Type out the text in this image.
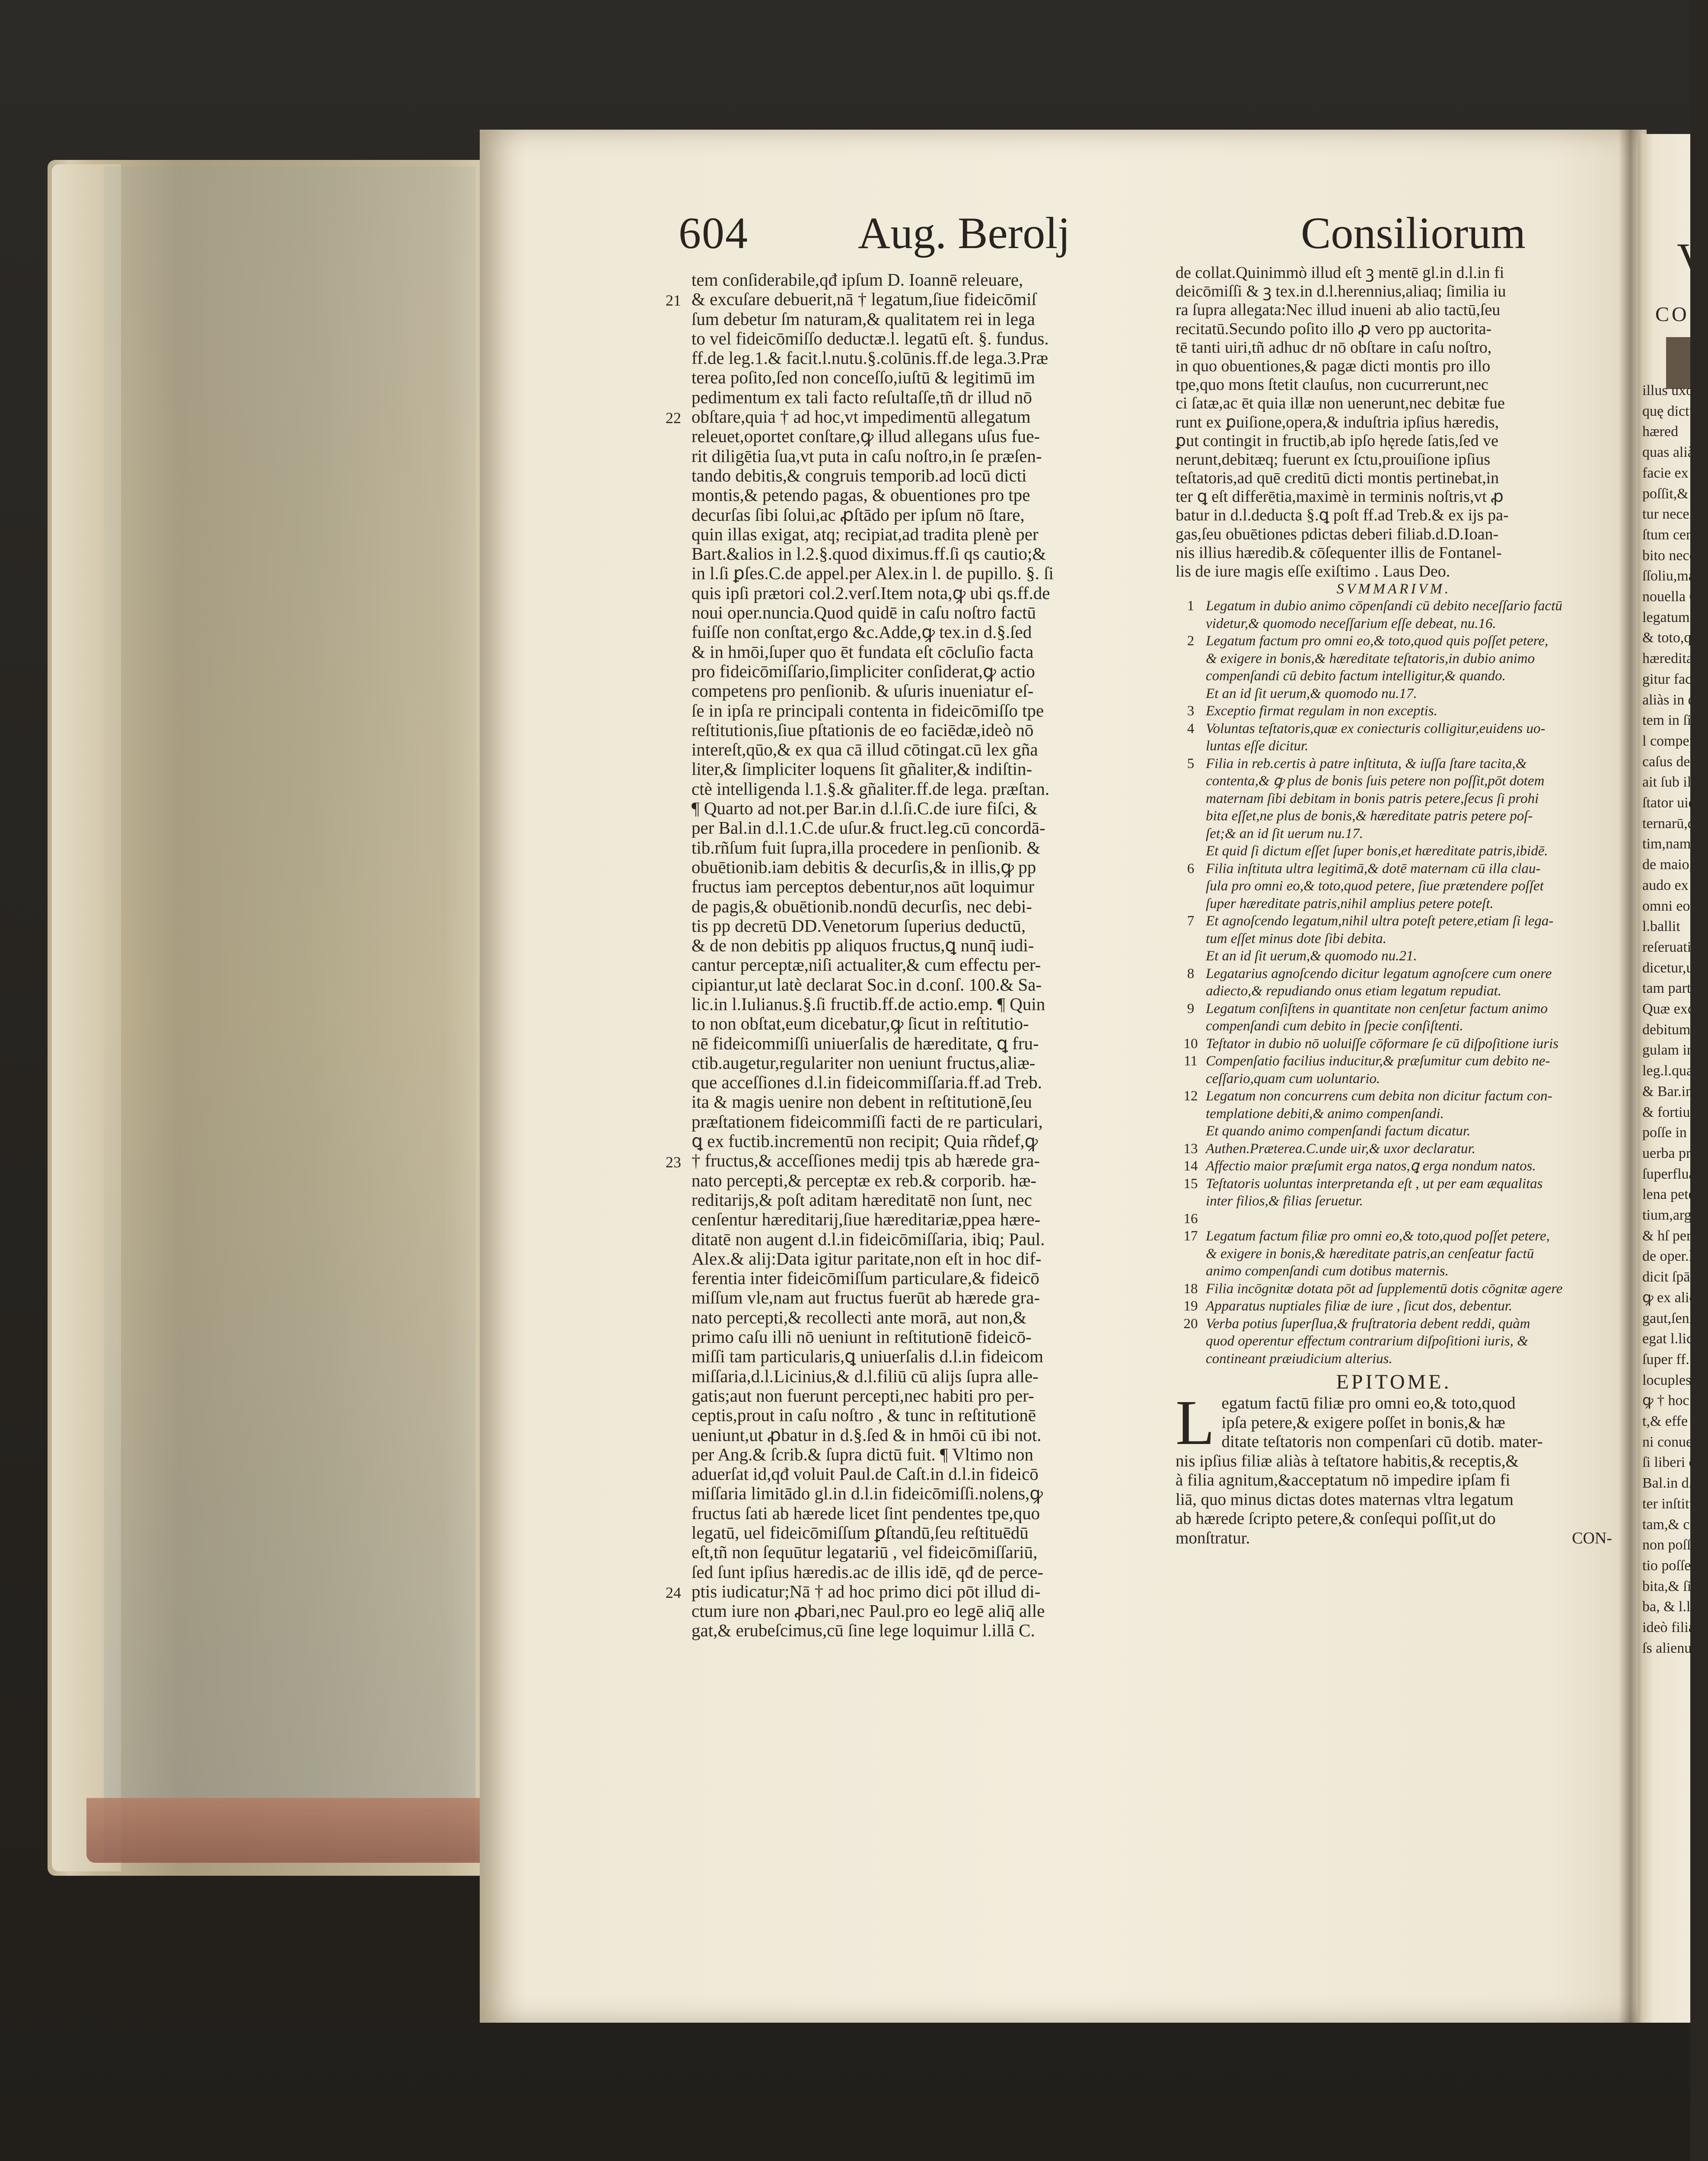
604 Aug. Berolj	Consiliorum
tem conſiderabile,qđ ipſum D. Ioannē releuare,
& excuſare debuerit,nā † legatum,ſiue fideicōmiſ
ſum debetur ſm naturam,& qualitatem rei in lega
to vel fideicōmiſſo deductæ.l. legatū eſt. §. fundus.
ff.de leg.1.& facit.l.nutu.§.colūnis.ff.de lega.3.Præ
terea poſito,ſed non conceſſo,iuſtū & legitimū im
pedimentum ex tali facto reſultaſſe,tñ dr illud nō
obſtare,quia † ad hoc,vt impedimentū allegatum
releuet,oportet conſtare,ꝙ illud allegans uſus fue-
rit diligētia ſua,vt puta in caſu noſtro,in ſe præſen-
tando debitis,& congruis temporib.ad locū dicti
montis,& petendo pagas, & obuentiones pro tpe
decurſas ſibi ſolui,ac ꝓſtādo per ipſum nō ſtare,
quin illas exigat, atq; recipiat,ad tradita plenè per
Bart.&alios in l.2.§.quod diximus.ff.ſi qs cautio;&
in l.ſi ꝑſes.C.de appel.per Alex.in l. de pupillo. §. ſi
quis ipſi prætori col.2.verſ.Item nota,ꝙ ubi qs.ff.de
noui oper.nuncia.Quod quidē in caſu noſtro factū
fuiſſe non conſtat,ergo &c.Adde,ꝙ tex.in d.§.ſed
& in hmōi,ſuper quo ēt fundata eſt cōcluſio facta
pro fideicōmiſſario,ſimpliciter conſiderat,ꝙ actio
competens pro penſionib. & uſuris inueniatur eſ-
ſe in ipſa re principali contenta in fideicōmiſſo tpe
reſtitutionis,ſiue pſtationis de eo faciēdæ,ideò nō
intereſt,qūo,& ex qua cā illud cōtingat.cū lex gña
liter,& ſimpliciter loquens ſit gñaliter,& indiſtin-
ctè intelligenda l.1.§.& gñaliter.ff.de lega. præſtan.
¶ Quarto ad not.per Bar.in d.l.ſi.C.de iure fiſci, &
per Bal.in d.l.1.C.de uſur.& fruct.leg.cū concordā-
tib.rñſum fuit ſupra,illa procedere in penſionib. &
obuētionib.iam debitis & decurſis,& in illis,ꝙ pp
fructus iam perceptos debentur,nos aūt loquimur
de pagis,& obuētionib.nondū decurſis, nec debi-
tis pp decretū DD.Venetorum ſuperius deductū,
& de non debitis pp aliquos fructus,ꝗ nunq̄ iudi-
cantur perceptæ,niſi actualiter,& cum effectu per-
cipiantur,ut latè declarat Soc.in d.conſ. 100.& Sa-
lic.in l.Iulianus.§.ſi fructib.ff.de actio.emp. ¶ Quin
to non obſtat,eum dicebatur,ꝙ ſicut in reſtitutio-
nē fideicommiſſi uniuerſalis de hæreditate, ꝗ fru-
ctib.augetur,regulariter non ueniunt fructus,aliæ-
que acceſſiones d.l.in fideicommiſſaria.ff.ad Treb.
ita & magis uenire non debent in reſtitutionē,ſeu
præſtationem fideicommiſſi facti de re particulari,
ꝗ ex fuctib.incrementū non recipit; Quia rñdef,ꝙ
† fructus,& acceſſiones medij tpis ab hærede gra-
nato percepti,& perceptæ ex reb.& corporib. hæ-
reditarijs,& poſt aditam hæreditatē non ſunt, nec
cenſentur hæreditarij,ſiue hæreditariæ,ppea hære-
ditatē non augent d.l.in fideicōmiſſaria, ibiq; Paul.
Alex.& alij:Data igitur paritate,non eſt in hoc dif-
ferentia inter fideicōmiſſum particulare,& fideicō
miſſum vle,nam aut fructus fuerūt ab hærede gra-
nato percepti,& recollecti ante morā, aut non,&
primo caſu illi nō ueniunt in reſtitutionē fideicō-
miſſi tam particularis,ꝗ uniuerſalis d.l.in fideicom
miſſaria,d.l.Licinius,& d.l.filiū cū alijs ſupra alle-
gatis;aut non fuerunt percepti,nec habiti pro per-
ceptis,prout in caſu noſtro , & tunc in reſtitutionē
ueniunt,ut ꝓbatur in d.§.ſed & in hmōi cū ibi not.
per Ang.& ſcrib.& ſupra dictū fuit. ¶ Vltimo non
aduerſat id,qđ voluit Paul.de Caſt.in d.l.in fideicō
miſſaria limitādo gl.in d.l.in fideicōmiſſi.nolens,ꝙ
fructus ſati ab hærede licet ſint pendentes tpe,quo
legatū, uel fideicōmiſſum ꝑſtandū,ſeu reſtituēdū
eſt,tñ non ſequūtur legatariū , vel fideicōmiſſariū,
ſed ſunt ipſius hæredis.ac de illis idē, qđ de perce-
ptis iudicatur;Nā † ad hoc primo dici pōt illud di-
ctum iure non ꝓbari,nec Paul.pro eo legē aliq̄ alle
gat,& erubeſcimus,cū ſine lege loquimur l.illā C.
21
22
23
24
de collat.Quinimmò illud eſt ꝫ mentē gl.in d.l.in fi
deicōmiſſi & ꝫ tex.in d.l.herennius,aliaq; ſimilia iu
ra ſupra allegata:Nec illud inueni ab alio tactū,ſeu
recitatū.Secundo poſito illo ꝓ vero pp auctorita-
tē tanti uiri,tñ adhuc dr nō obſtare in caſu noſtro,
in quo obuentiones,& pagæ dicti montis pro illo
tpe,quo mons ſtetit clauſus, non cucurrerunt,nec
ci ſatæ,ac ēt quia illæ non uenerunt,nec debitæ fue
runt ex ꝑuiſione,opera,& induſtria ipſius hæredis,
ꝑut contingit in fructib,ab ipſo hęrede ſatis,ſed ve
nerunt,debitæq; fuerunt ex ſctu,prouiſione ipſius
teſtatoris,ad quē creditū dicti montis pertinebat,in
ter ꝗ eſt differētia,maximè in terminis noſtris,vt ꝓ
batur in d.l.deducta §.ꝗ poſt ff.ad Treb.& ex ijs pa-
gas,ſeu obuētiones pdictas deberi filiab.d.D.Ioan-
nis illius hæredib.& cōſequenter illis de Fontanel-
lis de iure magis eſſe exiſtimo . Laus Deo.
SVMMARIVM.
1 Legatum in dubio animo cōpenſandi cū debito neceſſario factū
videtur,& quomodo neceſſarium eſſe debeat, nu.16.
2 Legatum factum pro omni eo,& toto,quod quis poſſet petere,
& exigere in bonis,& hæreditate teſtatoris,in dubio animo
compenſandi cū debito factum intelligitur,& quando.
Et an id ſit uerum,& quomodo nu.17.
3 Exceptio firmat regulam in non exceptis.
4 Voluntas teſtatoris,quæ ex coniecturis colligitur,euidens uo-
luntas eſſe dicitur.
5 Filia in reb.certis à patre inſtituta, & iuſſa ſtare tacita,&
contenta,& ꝙ plus de bonis ſuis petere non poſſit,pōt dotem
maternam ſibi debitam in bonis patris petere,ſecus ſi prohi
bita eſſet,ne plus de bonis,& hæreditate patris petere poſ-
ſet;& an id ſit uerum nu.17.
Et quid ſi dictum eſſet ſuper bonis,et hæreditate patris,ibidē.
6 Filia inſtituta ultra legitimā,& dotē maternam cū illa clau-
ſula pro omni eo,& toto,quod petere, ſiue prætendere poſſet
ſuper hæreditate patris,nihil amplius petere poteſt.
7 Et agnoſcendo legatum,nihil ultra poteſt petere,etiam ſi lega-
tum eſſet minus dote ſibi debita.
Et an id ſit uerum,& quomodo nu.21.
8 Legatarius agnoſcendo dicitur legatum agnoſcere cum onere
adiecto,& repudiando onus etiam legatum repudiat.
9 Legatum conſiſtens in quantitate non cenſetur factum animo
compenſandi cum debito in ſpecie conſiſtenti.
10 Teſtator in dubio nō uoluiſſe cōformare ſe cū diſpoſitione iuris
11 Compenſatio facilius inducitur,& præſumitur cum debito ne-
ceſſario,quam cum uoluntario.
12 Legatum non concurrens cum debita non dicitur factum con-
templatione debiti,& animo compenſandi.
Et quando animo compenſandi factum dicatur.
13 Authen.Præterea.C.unde uir,& uxor declaratur.
14 Affectio maior præſumit erga natos,ꝗ erga nondum natos.
15 Teſtatoris uoluntas interpretanda eſt , ut per eam æqualitas
inter filios,& filias ſeruetur.
16
17 Legatum factum filiæ pro omni eo,& toto,quod poſſet petere,
& exigere in bonis,& hæreditate patris,an cenſeatur factū
animo compenſandi cum dotibus maternis.
18 Filia incōgnitæ dotata pōt ad ſupplementū dotis cōgnitæ agere
19 Apparatus nuptiales filiæ de iure , ſicut dos, debentur.
20 Verba potius ſuperſlua,& fruſtratoria debent reddi, quàm
quod operentur effectum contrarium diſpoſitioni iuris, &
contineant præiudicium alterius.
EPITOME.
L egatum factū filiæ pro omni eo,& toto,quod
ipſa petere,& exigere poſſet in bonis,& hæ
ditate teſtatoris non compenſari cū dotib. mater-
nis ipſius filiæ aliàs à teſtatore habitis,& receptis,&
à filia agnitum,&acceptatum nō impedire ipſam fi
liā, quo minus dictas dotes maternas vltra legatum
ab hærede ſcripto petere,& conſequi poſſit,ut do
monſtratur.	CON-
V
CO
illus uxor
quę dictu
hæred
quas aliàs
facie ex p
poſſit,& p
tur neceſ
ſtum cent
bito nece
ſſoliu,ma
nouella C
legatum f
& toto,qu
hæreditat
gitur factu
aliàs in du
tem in ſi.f
l compen
caſus de H
ait ſub illi
ſtator uide
ternarū,do
tim,nam
de maio,&
audo ex t
omni eo,&
l.ballit
reſeruatio
dicetur,ut
tam parten
Quæ excep
debitum c
gulam in r
leg.l.quæſi
& Bar.in l.
& fortius,n
poſſe in bo
uerba pro
ſuperflua,
lena petere
tium,arg.l.
& hſ per B
de oper.lib
dicit ſpāli
ꝙ ex alic
gaut,ſenſi
egat l.lice
ſuper ff.
locuples i
ꝙ † hoc
t,& effe
ni conuen
ſi liberi c
Bal.in d.l.
ter inſtitu
tam,& con
non poſſit
tio poſſet c
bita,& ſic
ba, & l.l
ideò filiam
ſs alienum
